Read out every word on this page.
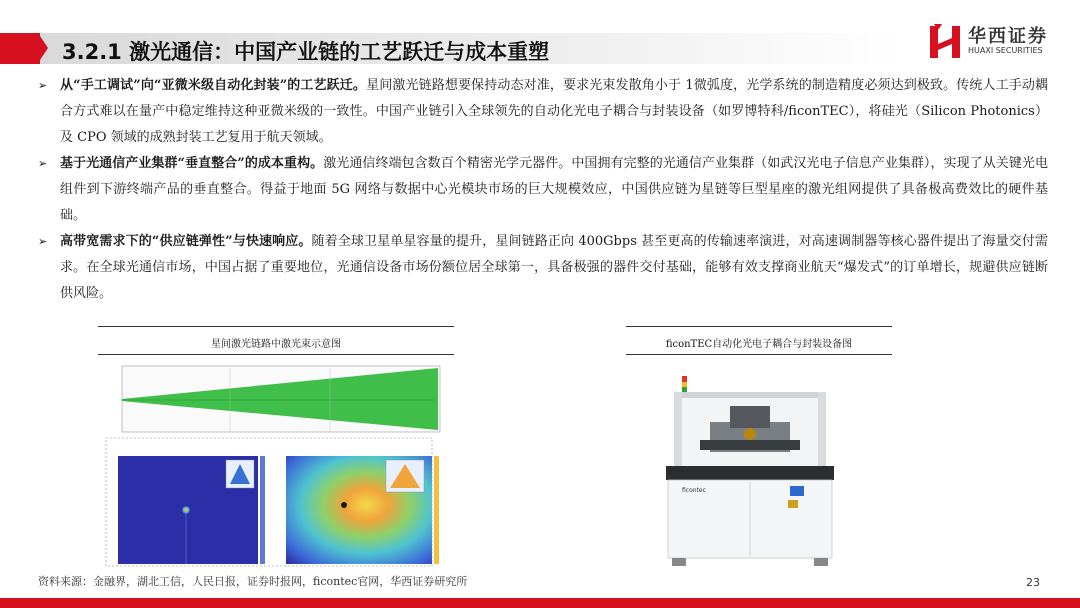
3.2.1 激光通信：中国产业链的工艺跃迁与成本重塑
华西证券
HUAXI SECURITIES

➢ 从“手工调试”向“亚微米级自动化封装”的工艺跃迁。星间激光链路想要保持动态对准，要求光束发散角小于 1微弧度，光学系统的制造精度必须达到极致。传统人工手动耦合方式难以在量产中稳定维持这种亚微米级的一致性。中国产业链引入全球领先的自动化光电子耦合与封装设备（如罗博特科/ficonTEC），将硅光（Silicon Photonics）及 CPO 领域的成熟封装工艺复用于航天领域。

➢ 基于光通信产业集群“垂直整合”的成本重构。激光通信终端包含数百个精密光学元器件。中国拥有完整的光通信产业集群（如武汉光电子信息产业集群），实现了从关键光电组件到下游终端产品的垂直整合。得益于地面 5G 网络与数据中心光模块市场的巨大规模效应，中国供应链为星链等巨型星座的激光组网提供了具备极高费效比的硬件基础。

➢ 高带宽需求下的“供应链弹性”与快速响应。随着全球卫星单星容量的提升，星间链路正向 400Gbps 甚至更高的传输速率演进，对高速调制器等核心器件提出了海量交付需求。在全球光通信市场，中国占据了重要地位，光通信设备市场份额位居全球第一，具备极强的器件交付基础，能够有效支撑商业航天“爆发式”的订单增长，规避供应链断供风险。

星间激光链路中激光束示意图	ficonTEC自动化光电子耦合与封装设备图
ficontec
资料来源：金融界，湖北工信，人民日报，证券时报网，ficontec官网，华西证券研究所	23
